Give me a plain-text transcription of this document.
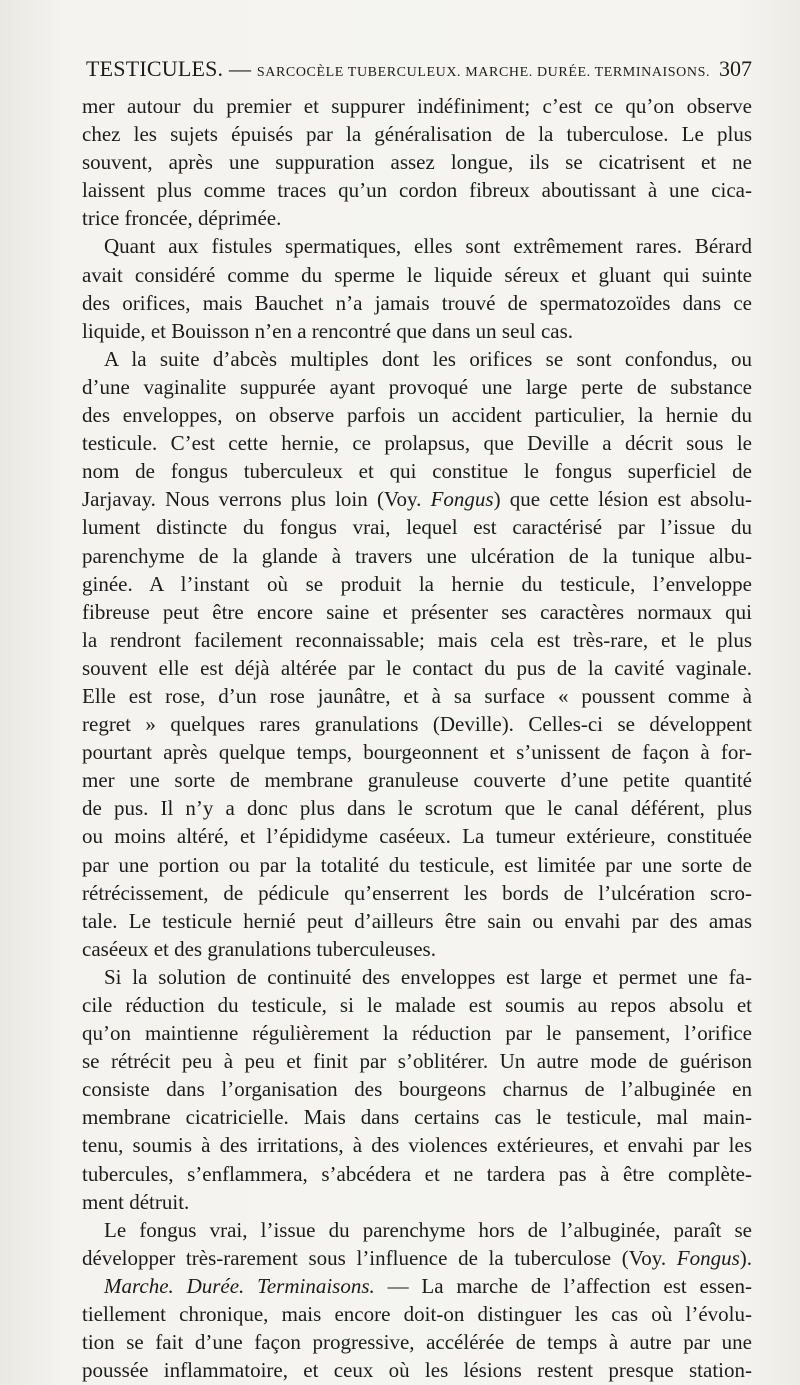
TESTICULES. — SARCOCÈLE TUBERCULEUX. MARCHE. DURÉE. TERMINAISONS. 307
mer autour du premier et suppurer indéfiniment; c’est ce qu’on observe
chez les sujets épuisés par la généralisation de la tuberculose. Le plus
souvent, après une suppuration assez longue, ils se cicatrisent et ne
laissent plus comme traces qu’un cordon fibreux aboutissant à une cica-
trice froncée, déprimée.
Quant aux fistules spermatiques, elles sont extrêmement rares. Bérard
avait considéré comme du sperme le liquide séreux et gluant qui suinte
des orifices, mais Bauchet n’a jamais trouvé de spermatozoïdes dans ce
liquide, et Bouisson n’en a rencontré que dans un seul cas.
A la suite d’abcès multiples dont les orifices se sont confondus, ou
d’une vaginalite suppurée ayant provoqué une large perte de substance
des enveloppes, on observe parfois un accident particulier, la hernie du
testicule. C’est cette hernie, ce prolapsus, que Deville a décrit sous le
nom de fongus tuberculeux et qui constitue le fongus superficiel de
Jarjavay. Nous verrons plus loin (Voy. Fongus) que cette lésion est absolu-
lument distincte du fongus vrai, lequel est caractérisé par l’issue du
parenchyme de la glande à travers une ulcération de la tunique albu-
ginée. A l’instant où se produit la hernie du testicule, l’enveloppe
fibreuse peut être encore saine et présenter ses caractères normaux qui
la rendront facilement reconnaissable; mais cela est très-rare, et le plus
souvent elle est déjà altérée par le contact du pus de la cavité vaginale.
Elle est rose, d’un rose jaunâtre, et à sa surface « poussent comme à
regret » quelques rares granulations (Deville). Celles-ci se développent
pourtant après quelque temps, bourgeonnent et s’unissent de façon à for-
mer une sorte de membrane granuleuse couverte d’une petite quantité
de pus. Il n’y a donc plus dans le scrotum que le canal déférent, plus
ou moins altéré, et l’épididyme caséeux. La tumeur extérieure, constituée
par une portion ou par la totalité du testicule, est limitée par une sorte de
rétrécissement, de pédicule qu’enserrent les bords de l’ulcération scro-
tale. Le testicule hernié peut d’ailleurs être sain ou envahi par des amas
caséeux et des granulations tuberculeuses.
Si la solution de continuité des enveloppes est large et permet une fa-
cile réduction du testicule, si le malade est soumis au repos absolu et
qu’on maintienne régulièrement la réduction par le pansement, l’orifice
se rétrécit peu à peu et finit par s’oblitérer. Un autre mode de guérison
consiste dans l’organisation des bourgeons charnus de l’albuginée en
membrane cicatricielle. Mais dans certains cas le testicule, mal main-
tenu, soumis à des irritations, à des violences extérieures, et envahi par les
tubercules, s’enflammera, s’abcédera et ne tardera pas à être complète-
ment détruit.
Le fongus vrai, l’issue du parenchyme hors de l’albuginée, paraît se
développer très-rarement sous l’influence de la tuberculose (Voy. Fongus).
Marche. Durée. Terminaisons. — La marche de l’affection est essen-
tiellement chronique, mais encore doit-on distinguer les cas où l’évolu-
tion se fait d’une façon progressive, accélérée de temps à autre par une
poussée inflammatoire, et ceux où les lésions restent presque station-
